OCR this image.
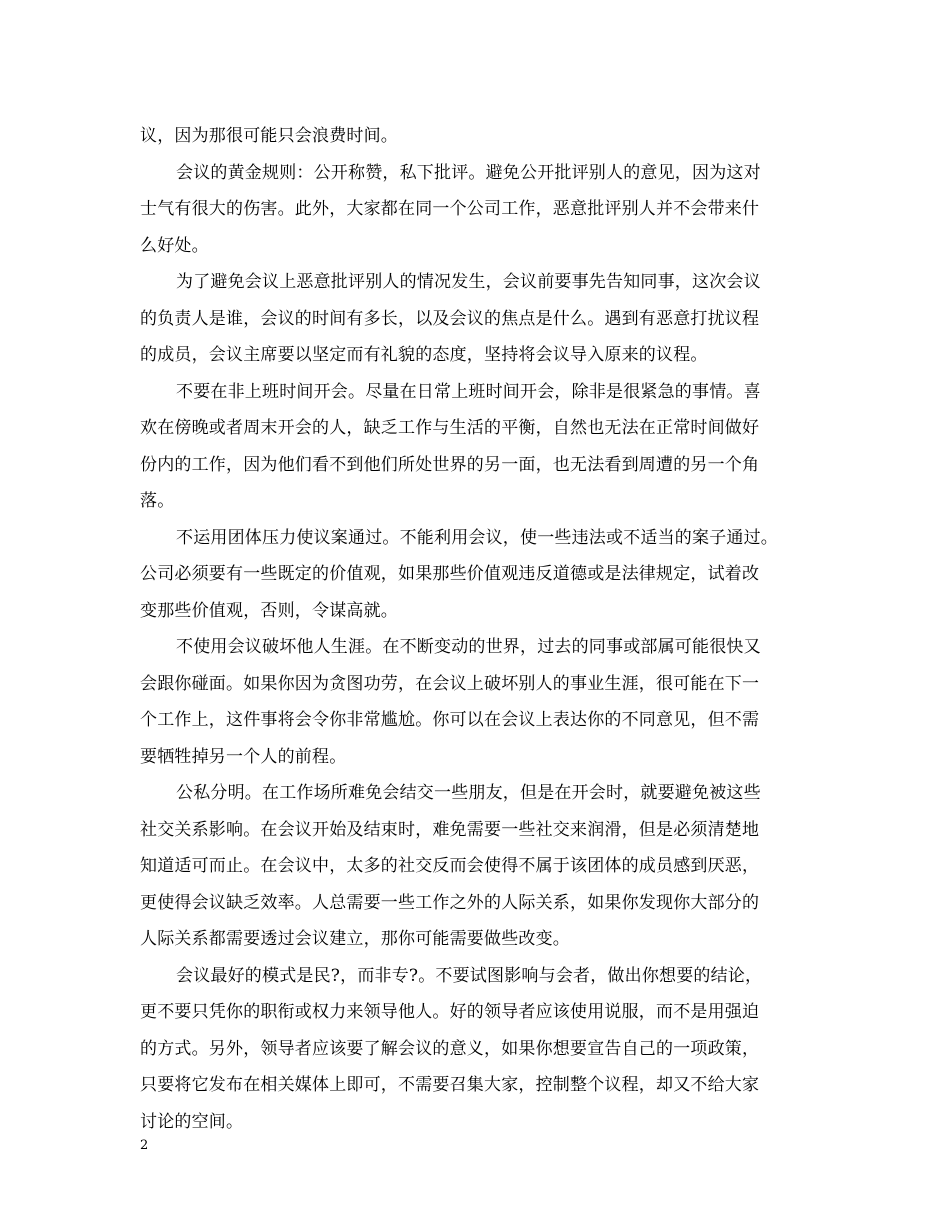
议，因为那很可能只会浪费时间。
会议的黄金规则：公开称赞，私下批评。避免公开批评别人的意见，因为这对
士气有很大的伤害。此外，大家都在同一个公司工作，恶意批评别人并不会带来什
么好处。
为了避免会议上恶意批评别人的情况发生，会议前要事先告知同事，这次会议
的负责人是谁，会议的时间有多长，以及会议的焦点是什么。遇到有恶意打扰议程
的成员，会议主席要以坚定而有礼貌的态度，坚持将会议导入原来的议程。
不要在非上班时间开会。尽量在日常上班时间开会，除非是很紧急的事情。喜
欢在傍晚或者周末开会的人，缺乏工作与生活的平衡，自然也无法在正常时间做好
份内的工作，因为他们看不到他们所处世界的另一面，也无法看到周遭的另一个角
落。
不运用团体压力使议案通过。不能利用会议，使一些违法或不适当的案子通过。
公司必须要有一些既定的价值观，如果那些价值观违反道德或是法律规定，试着改
变那些价值观，否则，令谋高就。
不使用会议破坏他人生涯。在不断变动的世界，过去的同事或部属可能很快又
会跟你碰面。如果你因为贪图功劳，在会议上破坏别人的事业生涯，很可能在下一
个工作上，这件事将会令你非常尴尬。你可以在会议上表达你的不同意见，但不需
要牺牲掉另一个人的前程。
公私分明。在工作场所难免会结交一些朋友，但是在开会时，就要避免被这些
社交关系影响。在会议开始及结束时，难免需要一些社交来润滑，但是必须清楚地
知道适可而止。在会议中，太多的社交反而会使得不属于该团体的成员感到厌恶，
更使得会议缺乏效率。人总需要一些工作之外的人际关系，如果你发现你大部分的
人际关系都需要透过会议建立，那你可能需要做些改变。
会议最好的模式是民?，而非专?。不要试图影响与会者，做出你想要的结论，
更不要只凭你的职衔或权力来领导他人。好的领导者应该使用说服，而不是用强迫
的方式。另外，领导者应该要了解会议的意义，如果你想要宣告自己的一项政策，
只要将它发布在相关媒体上即可，不需要召集大家，控制整个议程，却又不给大家
讨论的空间。
2
